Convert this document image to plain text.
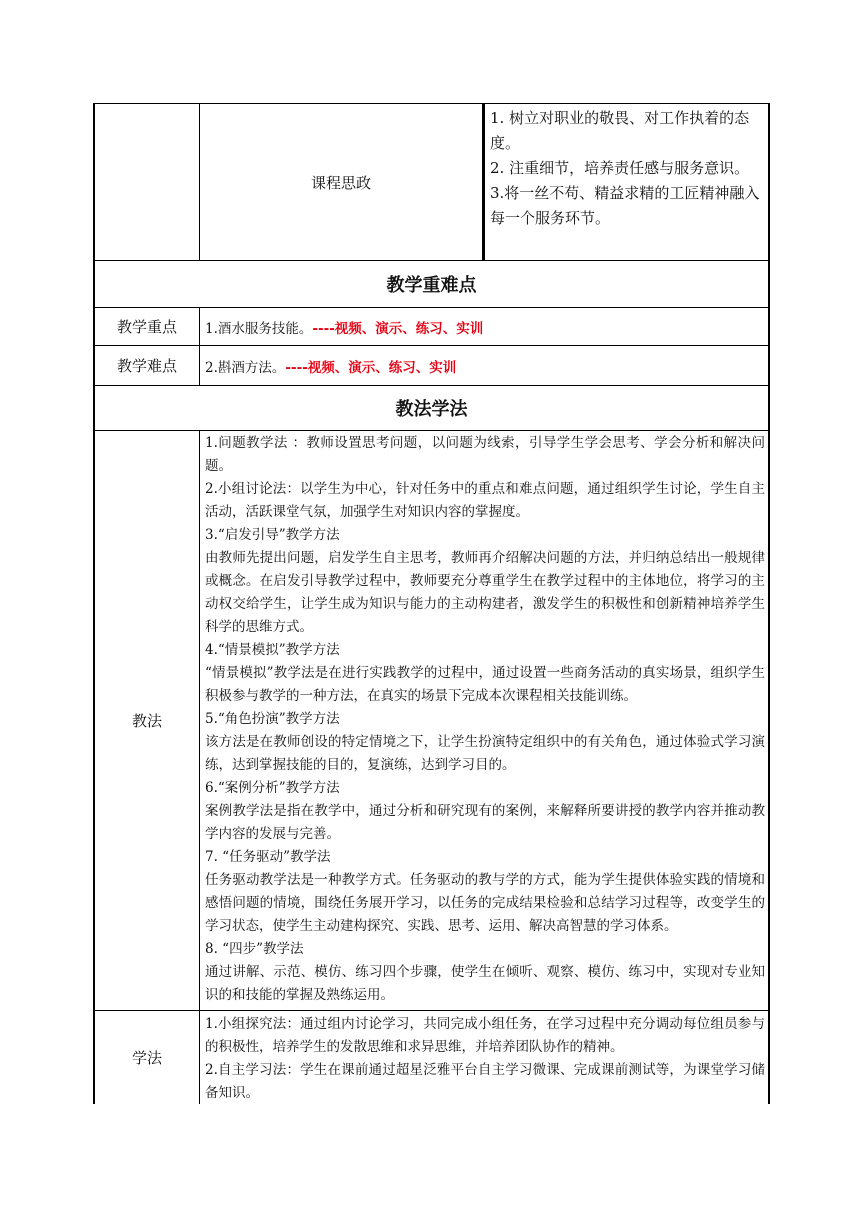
课程思政

1. 树立对职业的敬畏、对工作执着的态度。

2. 注重细节，培养责任感与服务意识。

3.将一丝不苟、精益求精的工匠精神融入每一个服务环节。

教学重难点
教学重点	1.酒水服务技能。 ----视频、演示、练习、实训
教学难点	2.斟酒方法。 ----视频、演示、练习、实训
教法学法
教法

1.问题教学法 ：教师设置思考问题，以问题为线索，引导学生学会思考、学会分析和解决问题。

2.小组讨论法：以学生为中心，针对任务中的重点和难点问题，通过组织学生讨论，学生自主活动，活跃课堂气氛，加强学生对知识内容的掌握度。

3.“启发引导”教学方法

由教师先提出问题，启发学生自主思考，教师再介绍解决问题的方法，并归纳总结出一般规律或概念。在启发引导教学过程中，教师要充分尊重学生在教学过程中的主体地位，将学习的主动权交给学生，让学生成为知识与能力的主动构建者，激发学生的积极性和创新精神培养学生科学的思维方式。

4.“情景模拟”教学方法

“情景模拟”教学法是在进行实践教学的过程中，通过设置一些商务活动的真实场景，组织学生积极参与教学的一种方法，在真实的场景下完成本次课程相关技能训练。

5.“角色扮演”教学方法

该方法是在教师创设的特定情境之下，让学生扮演特定组织中的有关角色，通过体验式学习演练，达到掌握技能的目的，复演练，达到学习目的。

6.“案例分析”教学方法

案例教学法是指在教学中，通过分析和研究现有的案例，来解释所要讲授的教学内容并推动教学内容的发展与完善。

7. “任务驱动”教学法

任务驱动教学法是一种教学方式。任务驱动的教与学的方式，能为学生提供体验实践的情境和感悟问题的情境，围绕任务展开学习，以任务的完成结果检验和总结学习过程等，改变学生的学习状态，使学生主动建构探究、实践、思考、运用、解决高智慧的学习体系。

8. “四步”教学法

通过讲解、示范、模仿、练习四个步骤，使学生在倾听、观察、模仿、练习中，实现对专业知识的和技能的掌握及熟练运用。

学法

1.小组探究法：通过组内讨论学习，共同完成小组任务，在学习过程中充分调动每位组员参与的积极性，培养学生的发散思维和求异思维，并培养团队协作的精神。

2.自主学习法：学生在课前通过超星泛雅平台自主学习微课、完成课前测试等，为课堂学习储备知识。
